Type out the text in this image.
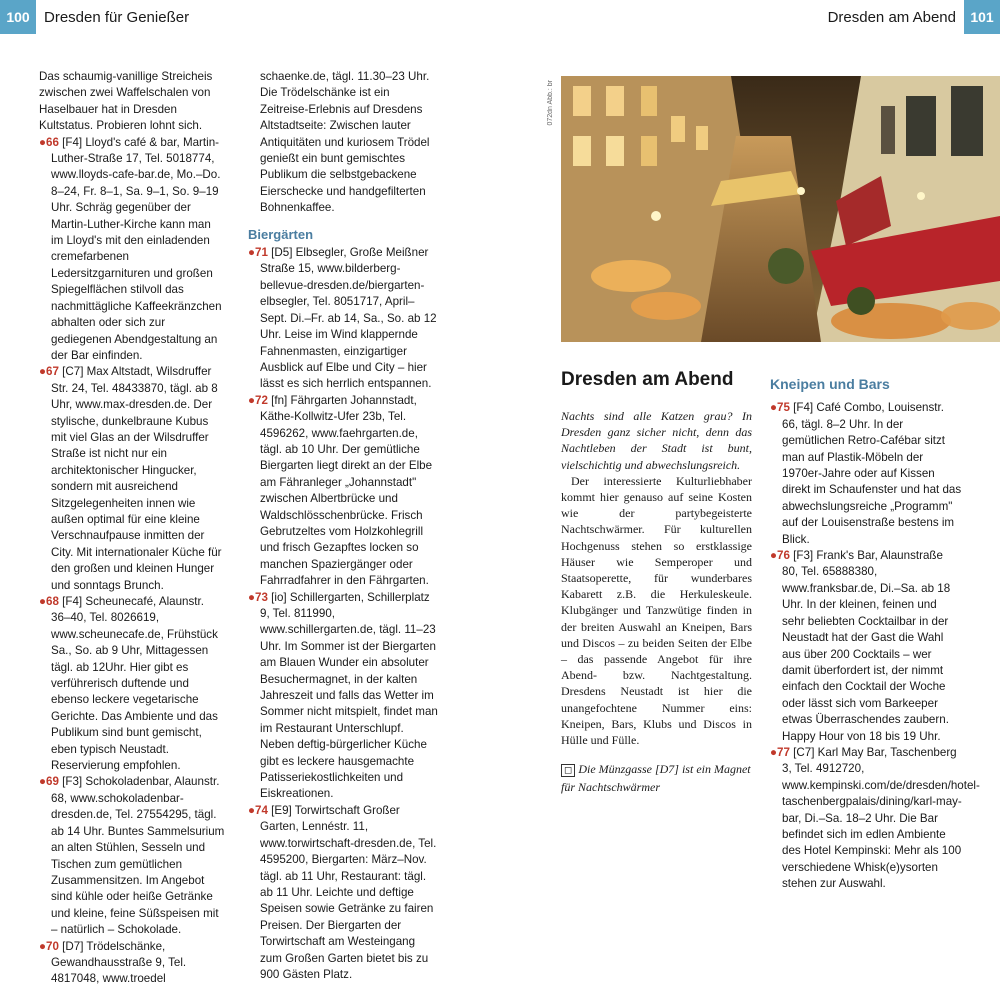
100 Dresden für Genießer	Dresden am Abend	101

Das schaumig-vanillige Streicheis zwischen zwei Waffelschalen von Haselbauer hat in Dresden Kultstatus. Probieren lohnt sich.

●66 [F4] Lloyd's café & bar, Martin-Luther-Straße 17, Tel. 5018774, www.lloyds-cafe-bar.de, Mo.–Do. 8–24, Fr. 8–1, Sa. 9–1, So. 9–19 Uhr. Schräg gegenüber der Martin-Luther-Kirche kann man im Lloyd's mit den einladenden cremefarbenen Ledersitzgarnituren und großen Spiegelflächen stilvoll das nachmittägliche Kaffeekränzchen abhalten oder sich zur gediegenen Abendgestaltung an der Bar einfinden.

●67 [C7] Max Altstadt, Wilsdruffer Str. 24, Tel. 48433870, tägl. ab 8 Uhr, www.max-dresden.de. Der stylische, dunkelbraune Kubus mit viel Glas an der Wilsdruffer Straße ist nicht nur ein architektonischer Hingucker, sondern mit ausreichend Sitzgelegenheiten innen wie außen optimal für eine kleine Verschnaufpause inmitten der City. Mit internationaler Küche für den großen und kleinen Hunger und sonntags Brunch.

●68 [F4] Scheunecafé, Alaunstr. 36–40, Tel. 8026619, www.scheunecafe.de, Frühstück Sa., So. ab 9 Uhr, Mittagessen tägl. ab 12Uhr. Hier gibt es verführerisch duftende und ebenso leckere vegetarische Gerichte. Das Ambiente und das Publikum sind bunt gemischt, eben typisch Neustadt. Reservierung empfohlen.

●69 [F3] Schokoladenbar, Alaunstr. 68, www.schokoladenbar-dresden.de, Tel. 27554295, tägl. ab 14 Uhr. Buntes Sammelsurium an alten Stühlen, Sesseln und Tischen zum gemütlichen Zusammensitzen. Im Angebot sind kühle oder heiße Getränke und kleine, feine Süßspeisen mit – natürlich – Schokolade.

●70 [D7] Trödelschänke, Gewandhausstraße 9, Tel. 4817048, www.troedel

schaenke.de, tägl. 11.30–23 Uhr. Die Trödelschänke ist ein Zeitreise-Erlebnis auf Dresdens Altstadtseite: Zwischen lauter Antiquitäten und kuriosem Trödel genießt ein bunt gemischtes Publikum die selbstgebackene Eierschecke und handgefilterten Bohnenkaffee.

Biergärten

●71 [D5] Elbsegler, Große Meißner Straße 15, www.bilderberg-bellevue-dresden.de/biergarten-elbsegler, Tel. 8051717, April–Sept. Di.–Fr. ab 14, Sa., So. ab 12 Uhr. Leise im Wind klappernde Fahnenmasten, einzigartiger Ausblick auf Elbe und City – hier lässt es sich herrlich entspannen.

●72 [fn] Fährgarten Johannstadt, Käthe-Kollwitz-Ufer 23b, Tel. 4596262, www.faehrgarten.de, tägl. ab 10 Uhr. Der gemütliche Biergarten liegt direkt an der Elbe am Fähranleger „Johannstadt" zwischen Albertbrücke und Waldschlösschenbrücke. Frisch Gebrutzeltes vom Holzkohlegrill und frisch Gezapftes locken so manchen Spaziergänger oder Fahrradfahrer in den Fährgarten.

●73 [io] Schillergarten, Schillerplatz 9, Tel. 811990, www.schillergarten.de, tägl. 11–23 Uhr. Im Sommer ist der Biergarten am Blauen Wunder ein absoluter Besuchermagnet, in der kalten Jahreszeit und falls das Wetter im Sommer nicht mitspielt, findet man im Restaurant Unterschlupf. Neben deftig-bürgerlicher Küche gibt es leckere hausgemachte Patisseriekostlichkeiten und Eiskreationen.

●74 [E9] Torwirtschaft Großer Garten, Lennéstr. 11, www.torwirtschaft-dresden.de, Tel. 4595200, Biergarten: März–Nov. tägl. ab 11 Uhr, Restaurant: tägl. ab 11 Uhr. Leichte und deftige Speisen sowie Getränke zu fairen Preisen. Der Biergarten der Torwirtschaft am Westeingang zum Großen Garten bietet bis zu 900 Gästen Platz.

072dn Abb.: br
Dresden am Abend

Nachts sind alle Katzen grau? In Dresden ganz sicher nicht, denn das Nachtleben der Stadt ist bunt, vielschichtig und abwechslungsreich.

Der interessierte Kulturliebhaber kommt hier genauso auf seine Kosten wie der partybegeisterte Nachtschwärmer. Für kulturellen Hochgenuss stehen so erstklassige Häuser wie Semperoper und Staatsoperette, für wunderbares Kabarett z.B. die Herkuleskeule. Klubgänger und Tanzwütige finden in der breiten Auswahl an Kneipen, Bars und Discos – zu beiden Seiten der Elbe – das passende Angebot für ihre Abend- bzw. Nachtgestaltung. Dresdens Neustadt ist hier die unangefochtene Nummer eins: Kneipen, Bars, Klubs und Discos in Hülle und Fülle.

◻ Die Münzgasse [D7] ist ein Magnet für Nachtschwärmer
Kneipen und Bars

●75 [F4] Café Combo, Louisenstr. 66, tägl. 8–2 Uhr. In der gemütlichen Retro-Cafébar sitzt man auf Plastik-Möbeln der 1970er-Jahre oder auf Kissen direkt im Schaufenster und hat das abwechslungsreiche „Programm" auf der Louisenstraße bestens im Blick.

●76 [F3] Frank's Bar, Alaunstraße 80, Tel. 65888380, www.franksbar.de, Di.–Sa. ab 18 Uhr. In der kleinen, feinen und sehr beliebten Cocktailbar in der Neustadt hat der Gast die Wahl aus über 200 Cocktails – wer damit überfordert ist, der nimmt einfach den Cocktail der Woche oder lässt sich vom Barkeeper etwas Überraschendes zaubern. Happy Hour von 18 bis 19 Uhr.

●77 [C7] Karl May Bar, Taschenberg 3, Tel. 4912720, www.kempinski.com/de/dresden/hotel-taschenbergpalais/dining/karl-may-bar, Di.–Sa. 18–2 Uhr. Die Bar befindet sich im edlen Ambiente des Hotel Kempinski: Mehr als 100 verschiedene Whisk(e)ysorten stehen zur Auswahl.
